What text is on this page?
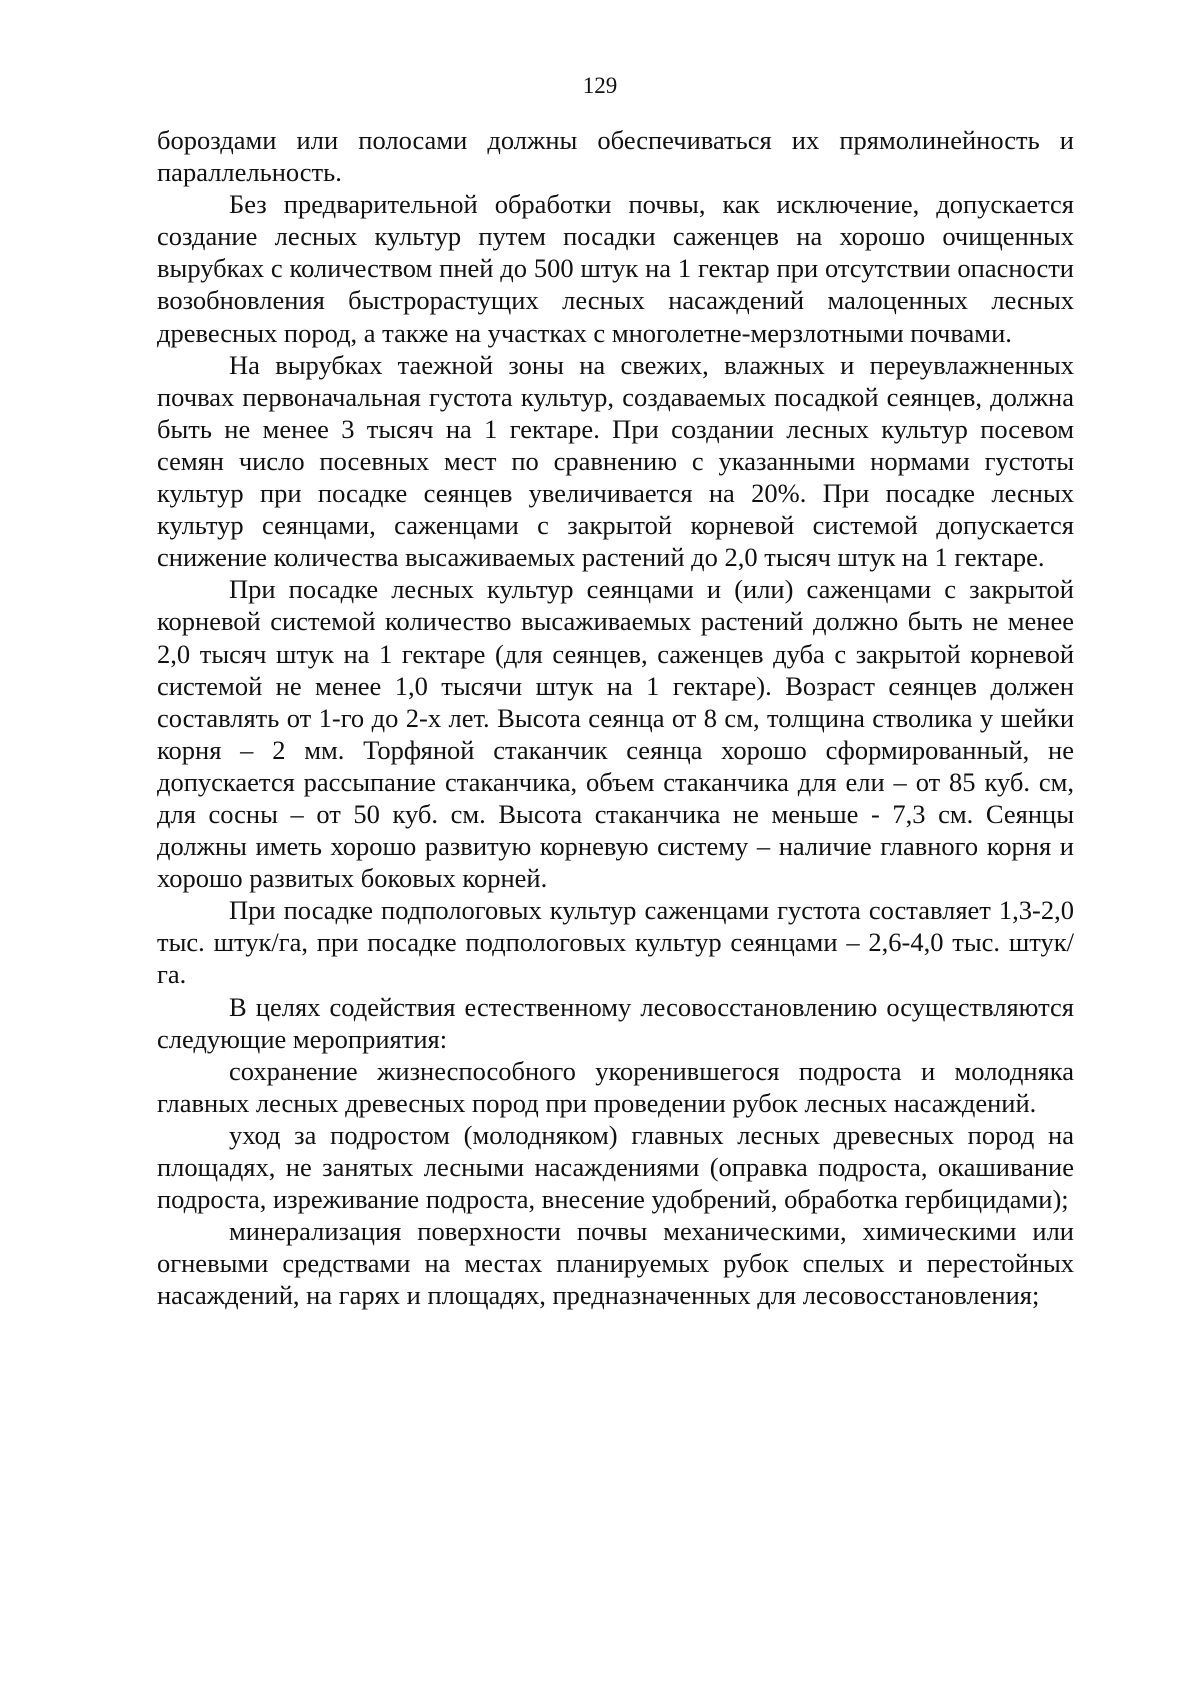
129

бороздами или полосами должны обеспечиваться их прямолинейность и параллельность.

Без предварительной обработки почвы, как исключение, допускается создание лесных культур путем посадки саженцев на хорошо очищенных вырубках с количеством пней до 500 штук на 1 гектар при отсутствии опасности возобновления быстрорастущих лесных насаждений малоценных лесных древесных пород, а также на участках с многолетне-мерзлотными почвами.

На вырубках таежной зоны на свежих, влажных и переувлажненных почвах первоначальная густота культур, создаваемых посадкой сеянцев, должна быть не менее 3 тысяч на 1 гектаре. При создании лесных культур посевом семян число посевных мест по сравнению с указанными нормами густоты культур при посадке сеянцев увеличивается на 20%. При посадке лесных культур сеянцами, саженцами с закрытой корневой системой допускается снижение количества высаживаемых растений до 2,0 тысяч штук на 1 гектаре.

При посадке лесных культур сеянцами и (или) саженцами с закрытой корневой системой количество высаживаемых растений должно быть не менее 2,0 тысяч штук на 1 гектаре (для сеянцев, саженцев дуба с закрытой корневой системой не менее 1,0 тысячи штук на 1 гектаре). Возраст сеянцев должен составлять от 1-го до 2-х лет. Высота сеянца от 8 см, толщина стволика у шейки корня – 2 мм. Торфяной стаканчик сеянца хорошо сформированный, не допускается рассыпание стаканчика, объем стаканчика для ели – от 85 куб. см, для сосны – от 50 куб. см. Высота стаканчика не меньше - 7,3 см. Сеянцы должны иметь хорошо развитую корневую систему – наличие главного корня и хорошо развитых боковых корней.

При посадке подпологовых культур саженцами густота составляет 1,3-2,0 тыс. штук/га, при посадке подпологовых культур сеянцами – 2,6-4,0 тыс. штук/га.

В целях содействия естественному лесовосстановлению осуществляются следующие мероприятия:

сохранение жизнеспособного укоренившегося подроста и молодняка главных лесных древесных пород при проведении рубок лесных насаждений.

уход за подростом (молодняком) главных лесных древесных пород на площадях, не занятых лесными насаждениями (оправка подроста, окашивание подроста, изреживание подроста, внесение удобрений, обработка гербицидами);

минерализация поверхности почвы механическими, химическими или огневыми средствами на местах планируемых рубок спелых и перестойных насаждений, на гарях и площадях, предназначенных для лесовосстановления;
